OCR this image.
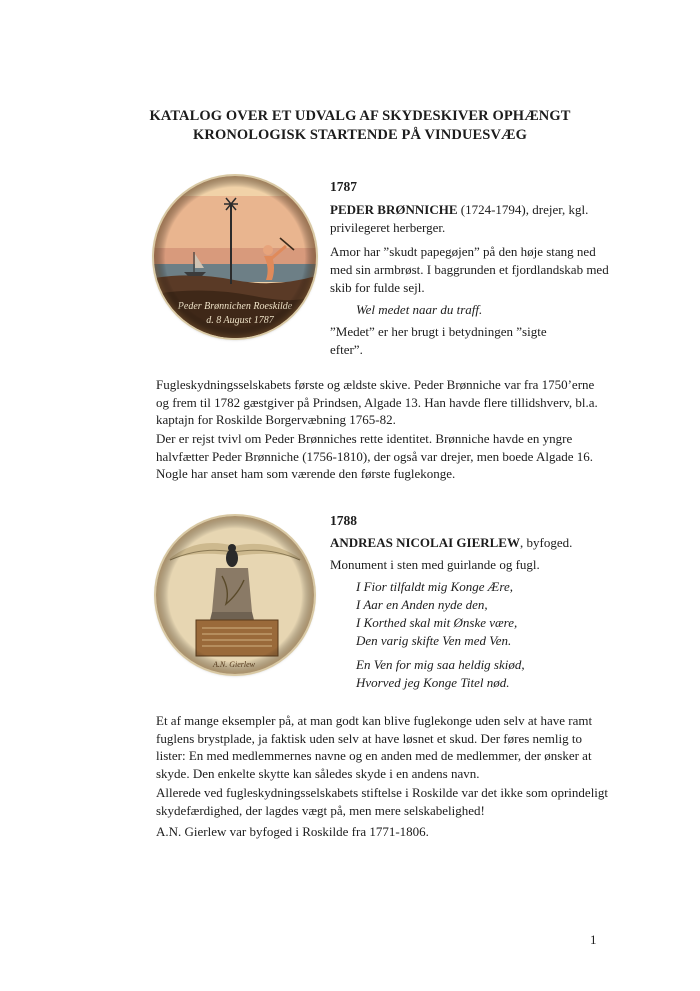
KATALOG OVER ET UDVALG AF SKYDESKIVER OPHÆNGT
KRONOLOGISK STARTENDE PÅ VINDUESVÆG

1787

PEDER BRØNNICHE (1724-1794), drejer, kgl.

privilegeret herberger.

Amor har ”skudt papegøjen” på den høje stang ned

med sin armbrøst. I baggrunden et fjordlandskab med

skib for fulde sejl.

Wel medet naar du traff.

”Medet” er her brugt i betydningen ”sigte

efter”.

Fugleskydningsselskabets første og ældste skive. Peder Brønniche var fra 1750’erne

og frem til 1782 gæstgiver på Prindsen, Algade 13. Han havde flere tillidshverv, bl.a.

kaptajn for Roskilde Borgervæbning 1765-82.

Der er rejst tvivl om Peder Brønniches rette identitet. Brønniche havde en yngre

halvfætter Peder Brønniche (1756-1810), der også var drejer, men boede Algade 16.

Nogle har anset ham som værende den første fuglekonge.

1788

ANDREAS NICOLAI GIERLEW, byfoged.

Monument i sten med guirlande og fugl.

I Fior tilfaldt mig Konge Ære,

I Aar en Anden nyde den,

I Korthed skal mit Ønske være,

Den varig skifte Ven med Ven.

En Ven for mig saa heldig skiød,

Hvorved jeg Konge Titel nød.

Et af mange eksempler på, at man godt kan blive fuglekonge uden selv at have ramt

fuglens brystplade, ja faktisk uden selv at have løsnet et skud. Der føres nemlig to

lister: En med medlemmernes navne og en anden med de medlemmer, der ønsker at

skyde. Den enkelte skytte kan således skyde i en andens navn.

Allerede ved fugleskydningsselskabets stiftelse i Roskilde var det ikke som oprindeligt

skydefærdighed, der lagdes vægt på, men mere selskabelighed!

A.N. Gierlew var byfoged i Roskilde fra 1771-1806.

1
